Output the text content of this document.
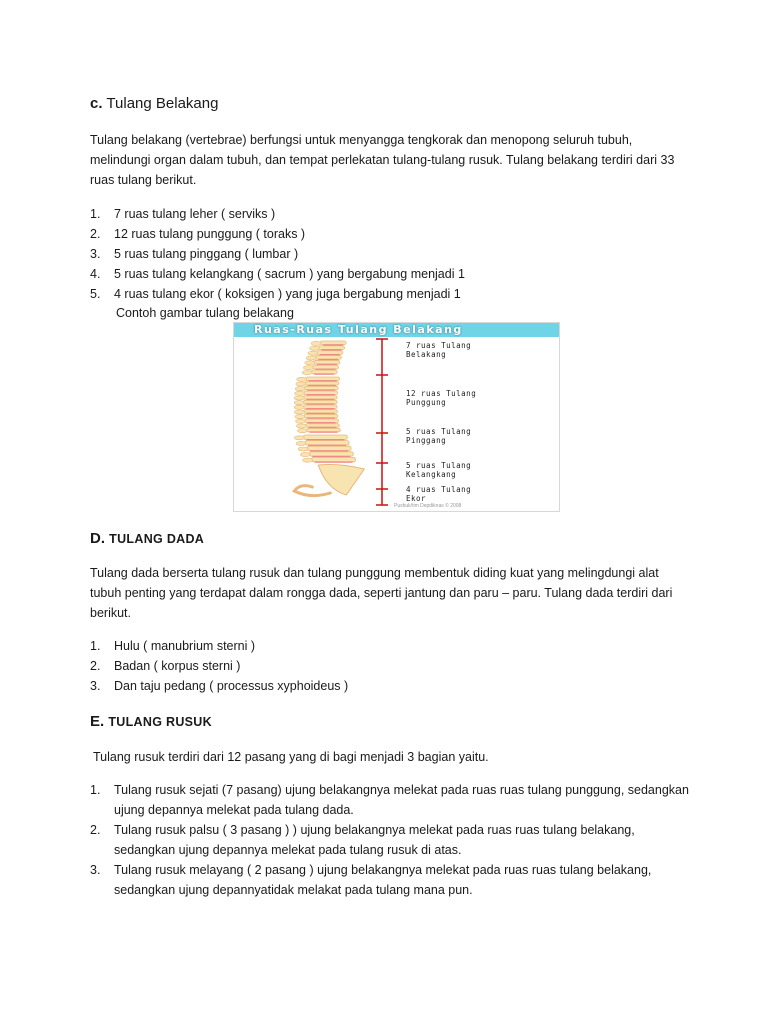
c. Tulang Belakang
Tulang belakang (vertebrae) berfungsi untuk menyangga tengkorak dan menopong seluruh tubuh, melindungi organ dalam tubuh, dan tempat perlekatan tulang-tulang rusuk. Tulang belakang terdiri dari 33 ruas tulang berikut.
1.	7 ruas tulang leher ( serviks )
2.	12 ruas tulang punggung ( toraks )
3.	5 ruas tulang pinggang ( lumbar )
4.	5 ruas tulang kelangkang ( sacrum ) yang bergabung menjadi 1
5.	4 ruas tulang ekor ( koksigen ) yang juga bergabung menjadi 1
Contoh gambar tulang belakang
Ruas-Ruas Tulang Belakang
7 ruas Tulang
Belakang
12 ruas Tulang
Punggung
5 ruas Tulang
Pinggang
5 ruas Tulang
Kelangkang
4 ruas Tulang
Ekor
Pusbuk/tim Depdiknas © 2008
D. TULANG DADA
Tulang dada berserta tulang rusuk dan tulang punggung membentuk diding kuat yang melingdungi alat tubuh penting yang terdapat dalam rongga dada, seperti jantung dan paru – paru. Tulang dada terdiri dari berikut.
1.	Hulu ( manubrium sterni )
2.	Badan ( korpus sterni )
3.	Dan taju pedang ( processus xyphoideus )
E. TULANG RUSUK
Tulang rusuk terdiri dari 12 pasang yang di bagi menjadi 3 bagian yaitu.
1.	Tulang rusuk sejati (7 pasang) ujung belakangnya melekat pada ruas ruas tulang punggung, sedangkan ujung depannya melekat pada tulang dada.
2.	Tulang rusuk palsu ( 3 pasang ) ) ujung belakangnya melekat pada ruas ruas tulang belakang, sedangkan ujung depannya melekat pada tulang rusuk di atas.
3.	Tulang rusuk melayang ( 2 pasang ) ujung belakangnya melekat pada ruas ruas tulang belakang, sedangkan ujung depannyatidak melakat pada tulang mana pun.
